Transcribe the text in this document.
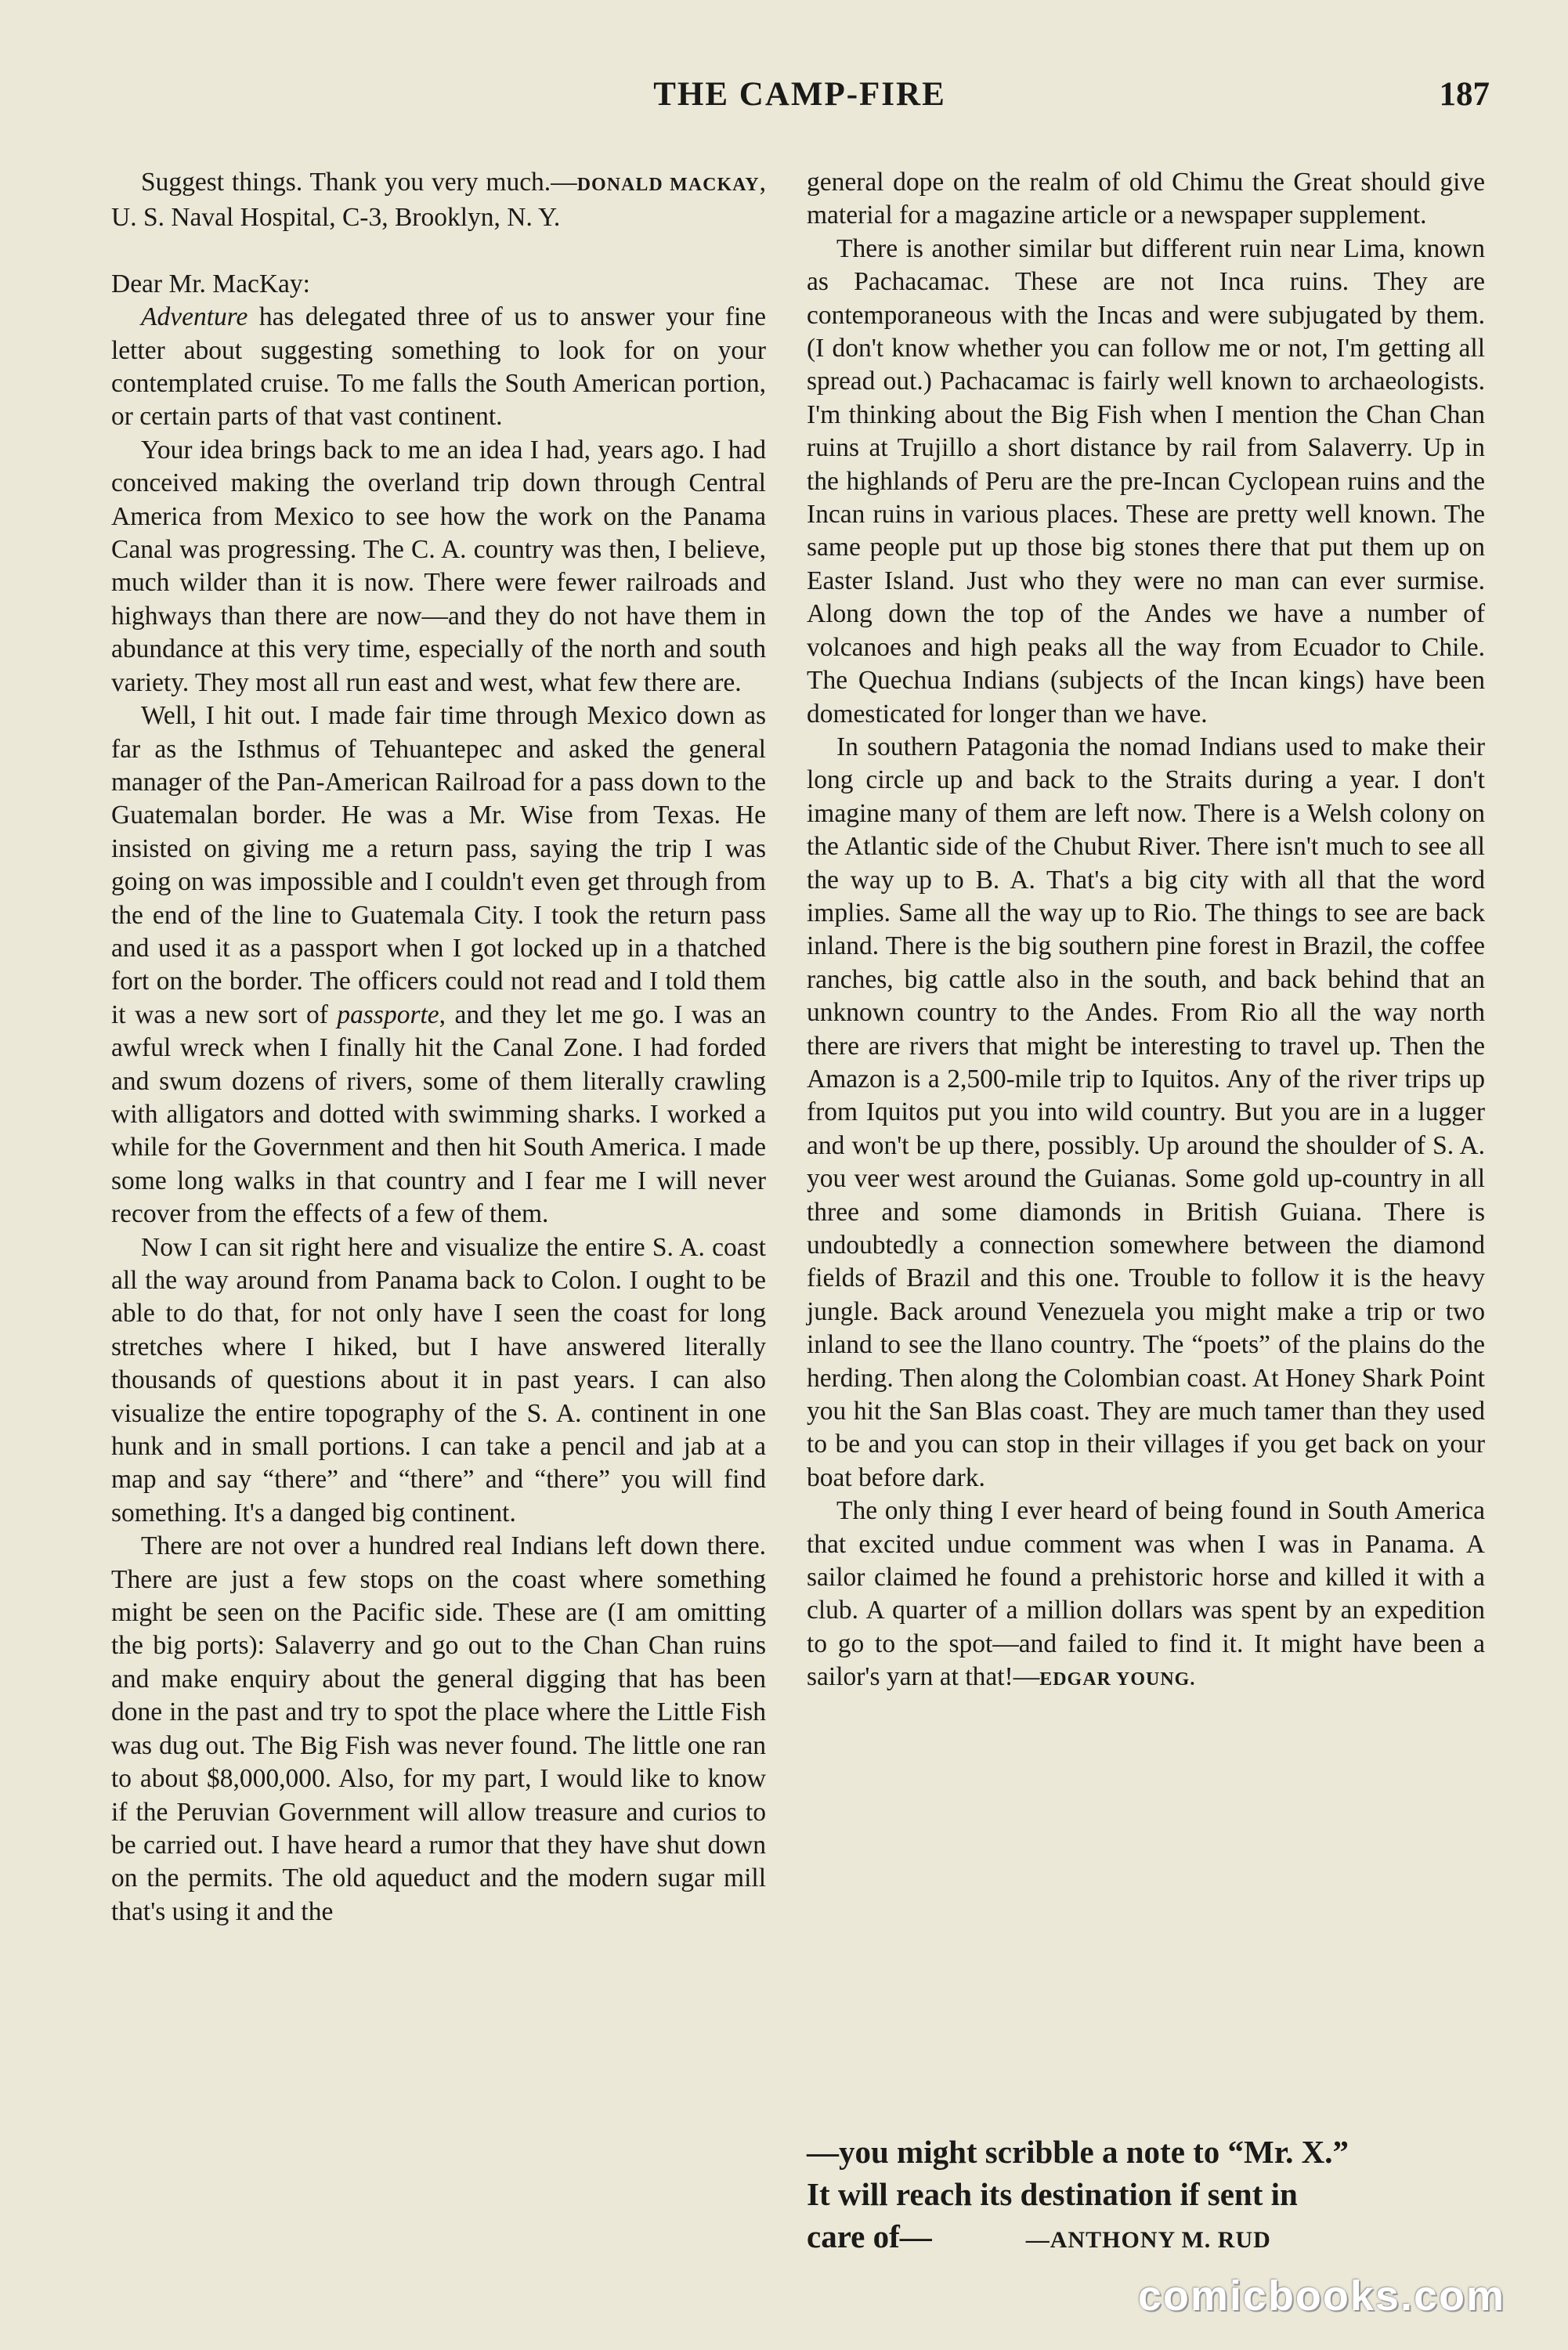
THE CAMP-FIRE	187

Suggest things. Thank you very much.—DONALD MACKAY, U. S. Naval Hospital, C-3, Brooklyn, N. Y.

Dear Mr. MacKay:

Adventure has delegated three of us to answer your fine letter about suggesting something to look for on your contemplated cruise. To me falls the South American portion, or certain parts of that vast continent.

Your idea brings back to me an idea I had, years ago. I had conceived making the overland trip down through Central America from Mexico to see how the work on the Panama Canal was progressing. The C. A. country was then, I believe, much wilder than it is now. There were fewer railroads and highways than there are now—and they do not have them in abundance at this very time, especially of the north and south variety. They most all run east and west, what few there are.

Well, I hit out. I made fair time through Mexico down as far as the Isthmus of Tehuantepec and asked the general manager of the Pan-American Railroad for a pass down to the Guatemalan border. He was a Mr. Wise from Texas. He insisted on giving me a return pass, saying the trip I was going on was impossible and I couldn't even get through from the end of the line to Guatemala City. I took the return pass and used it as a passport when I got locked up in a thatched fort on the border. The officers could not read and I told them it was a new sort of passporte, and they let me go. I was an awful wreck when I finally hit the Canal Zone. I had forded and swum dozens of rivers, some of them literally crawling with alligators and dotted with swimming sharks. I worked a while for the Government and then hit South America. I made some long walks in that country and I fear me I will never recover from the effects of a few of them.

Now I can sit right here and visualize the entire S. A. coast all the way around from Panama back to Colon. I ought to be able to do that, for not only have I seen the coast for long stretches where I hiked, but I have answered literally thousands of questions about it in past years. I can also visualize the entire topography of the S. A. continent in one hunk and in small portions. I can take a pencil and jab at a map and say “there” and “there” and “there” you will find something. It's a danged big continent.

There are not over a hundred real Indians left down there. There are just a few stops on the coast where something might be seen on the Pacific side. These are (I am omitting the big ports): Salaverry and go out to the Chan Chan ruins and make enquiry about the general digging that has been done in the past and try to spot the place where the Little Fish was dug out. The Big Fish was never found. The little one ran to about $8,000,000. Also, for my part, I would like to know if the Peruvian Government will allow treasure and curios to be carried out. I have heard a rumor that they have shut down on the permits. The old aqueduct and the modern sugar mill that's using it and the

general dope on the realm of old Chimu the Great should give material for a magazine article or a newspaper supplement.

There is another similar but different ruin near Lima, known as Pachacamac. These are not Inca ruins. They are contemporaneous with the Incas and were subjugated by them. (I don't know whether you can follow me or not, I'm getting all spread out.) Pachacamac is fairly well known to archaeologists. I'm thinking about the Big Fish when I mention the Chan Chan ruins at Trujillo a short distance by rail from Salaverry. Up in the highlands of Peru are the pre-Incan Cyclopean ruins and the Incan ruins in various places. These are pretty well known. The same people put up those big stones there that put them up on Easter Island. Just who they were no man can ever surmise. Along down the top of the Andes we have a number of volcanoes and high peaks all the way from Ecuador to Chile. The Quechua Indians (subjects of the Incan kings) have been domesticated for longer than we have.

In southern Patagonia the nomad Indians used to make their long circle up and back to the Straits during a year. I don't imagine many of them are left now. There is a Welsh colony on the Atlantic side of the Chubut River. There isn't much to see all the way up to B. A. That's a big city with all that the word implies. Same all the way up to Rio. The things to see are back inland. There is the big southern pine forest in Brazil, the coffee ranches, big cattle also in the south, and back behind that an unknown country to the Andes. From Rio all the way north there are rivers that might be interesting to travel up. Then the Amazon is a 2,500-mile trip to Iquitos. Any of the river trips up from Iquitos put you into wild country. But you are in a lugger and won't be up there, possibly. Up around the shoulder of S. A. you veer west around the Guianas. Some gold up-country in all three and some diamonds in British Guiana. There is undoubtedly a connection somewhere between the diamond fields of Brazil and this one. Trouble to follow it is the heavy jungle. Back around Venezuela you might make a trip or two inland to see the llano country. The “poets” of the plains do the herding. Then along the Colombian coast. At Honey Shark Point you hit the San Blas coast. They are much tamer than they used to be and you can stop in their villages if you get back on your boat before dark.

The only thing I ever heard of being found in South America that excited undue comment was when I was in Panama. A sailor claimed he found a prehistoric horse and killed it with a club. A quarter of a million dollars was spent by an expedition to go to the spot—and failed to find it. It might have been a sailor's yarn at that!—EDGAR YOUNG.

—you might scribble a note to “Mr. X.”
It will reach its destination if sent in
care of—	—ANTHONY M. RUD
comicbooks.com
